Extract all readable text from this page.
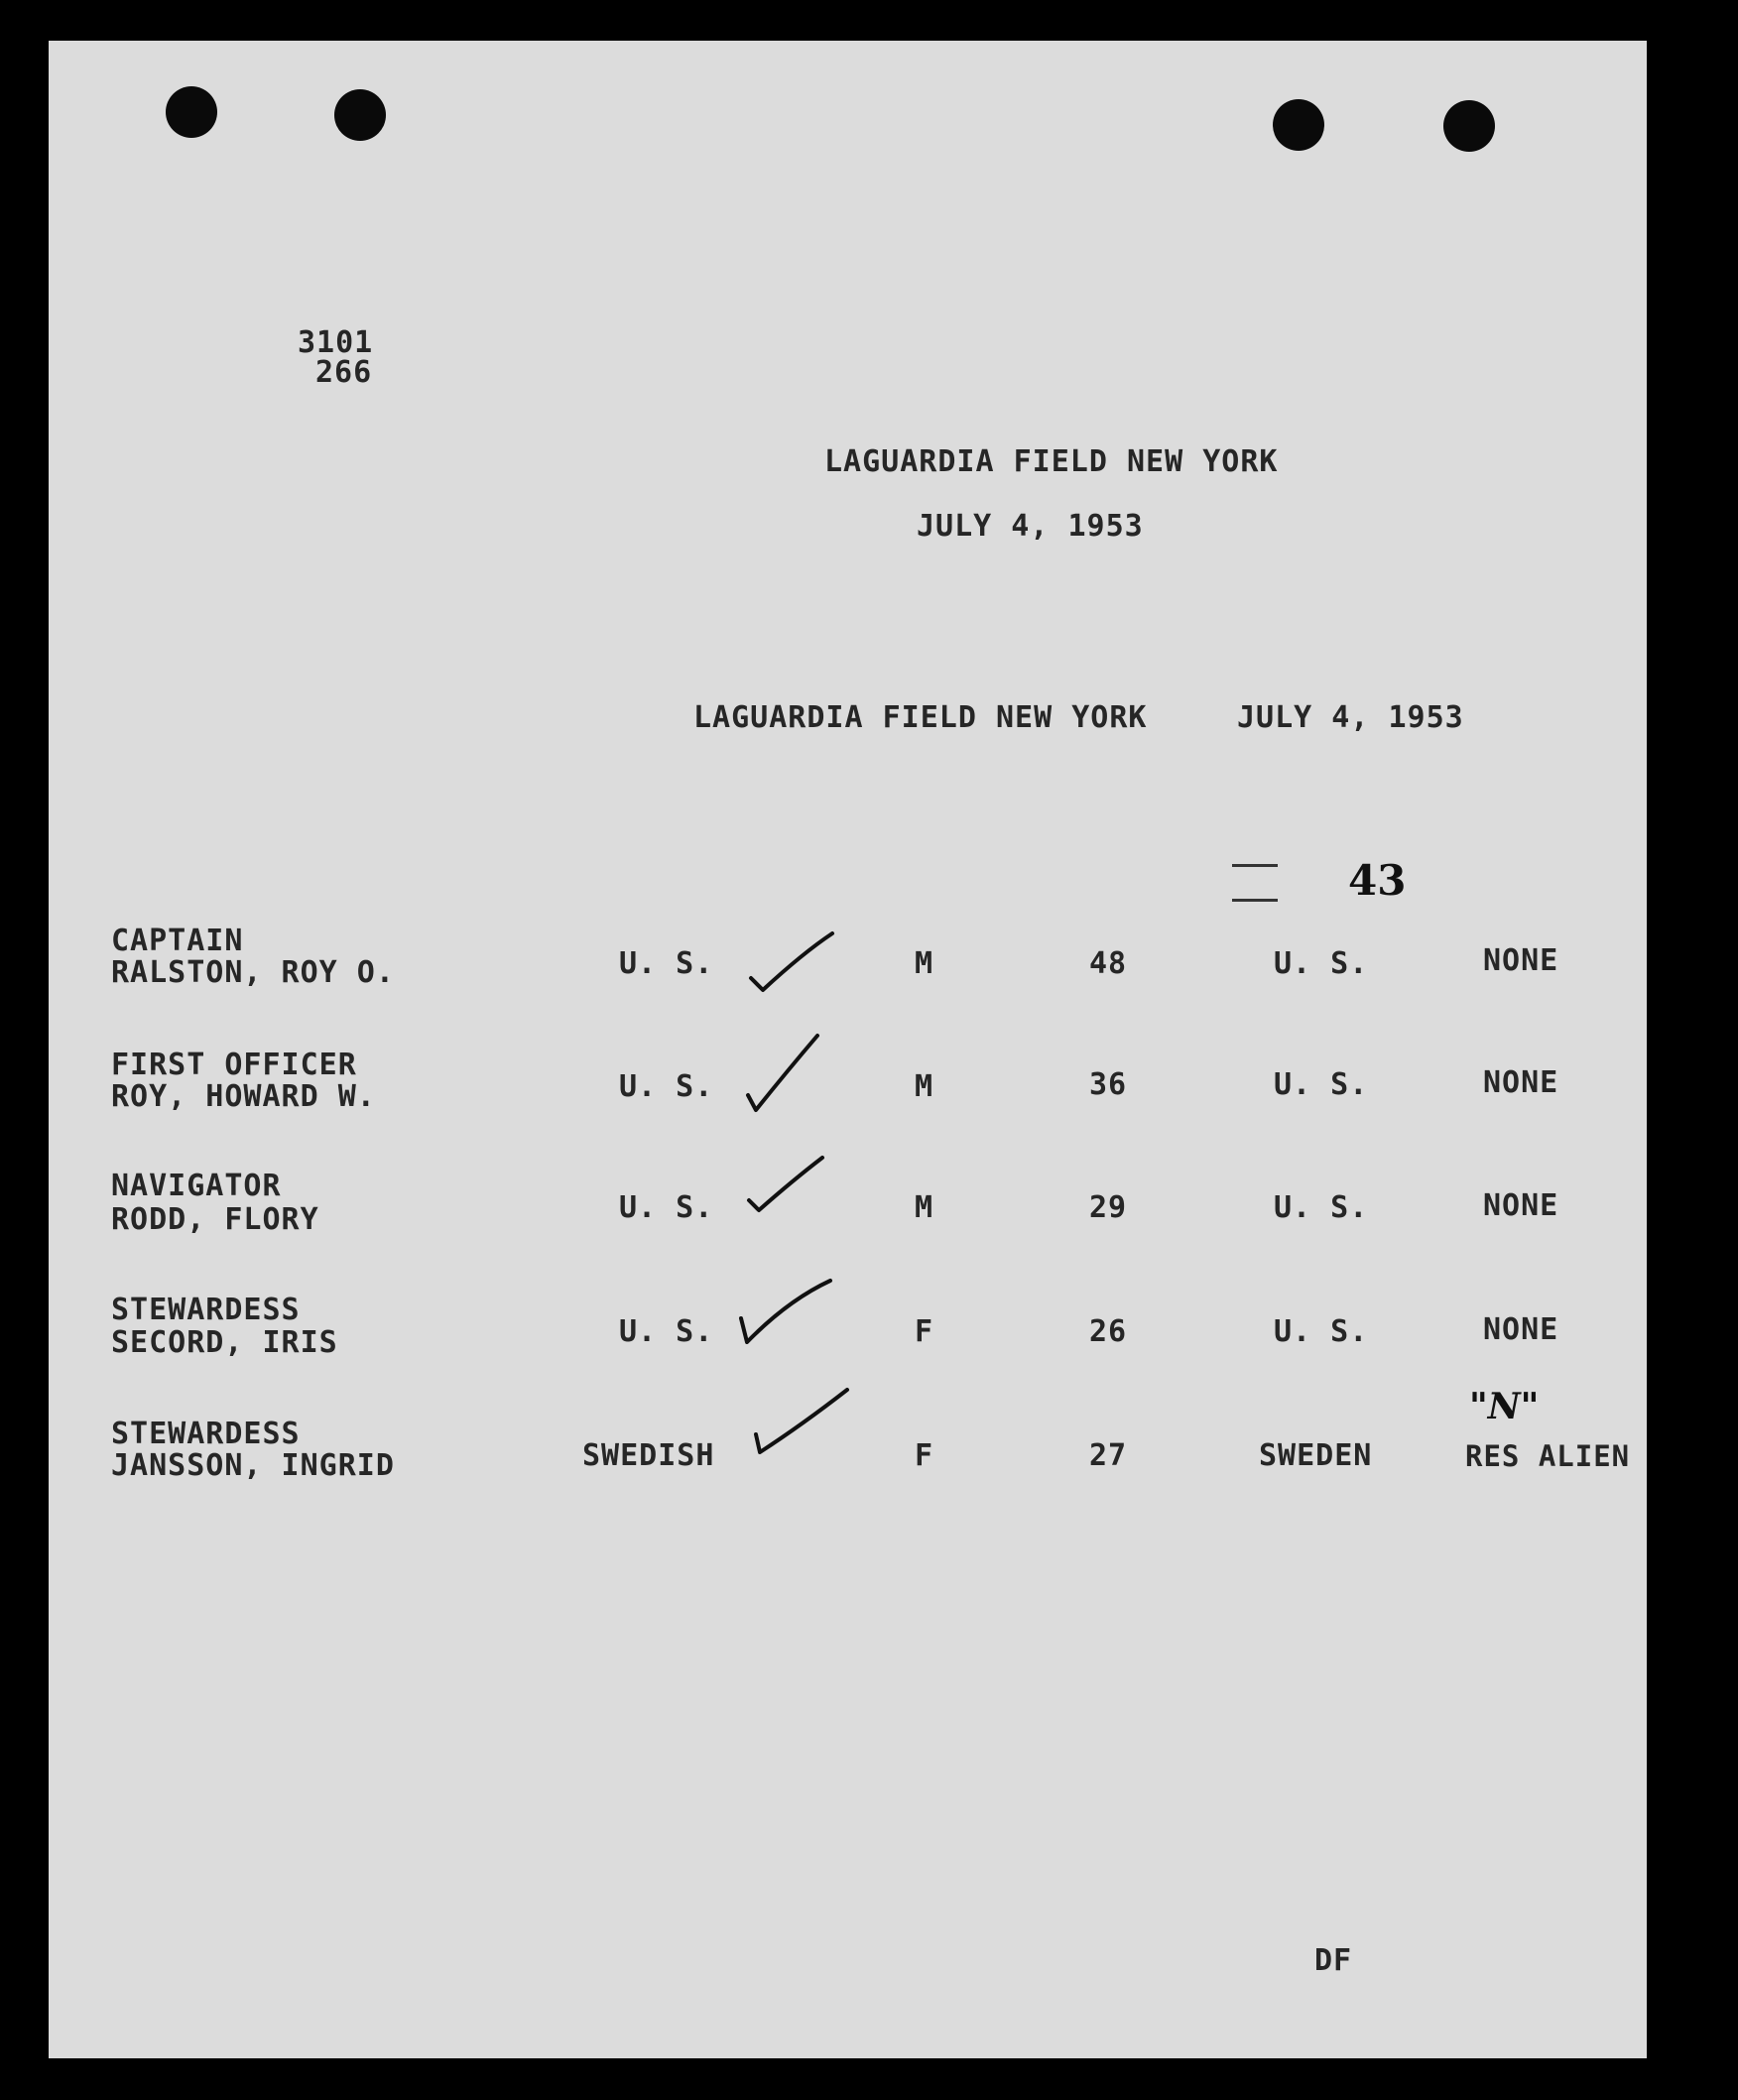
3101
266
LAGUARDIA FIELD NEW YORK
JULY 4, 1953
LAGUARDIA FIELD NEW YORK	JULY 4, 1953
43
CAPTAIN
RALSTON, ROY O.	U. S.	M	48	U. S.	NONE
FIRST OFFICER
ROY, HOWARD W.	U. S.	M	36	U. S.	NONE
NAVIGATOR
RODD, FLORY	U. S.	M	29	U. S.	NONE
STEWARDESS
SECORD, IRIS	U. S.	F	26	U. S.	NONE
STEWARDESS
JANSSON, INGRID	SWEDISH	F	27	SWEDEN	RES ALIEN
"N"
DF
